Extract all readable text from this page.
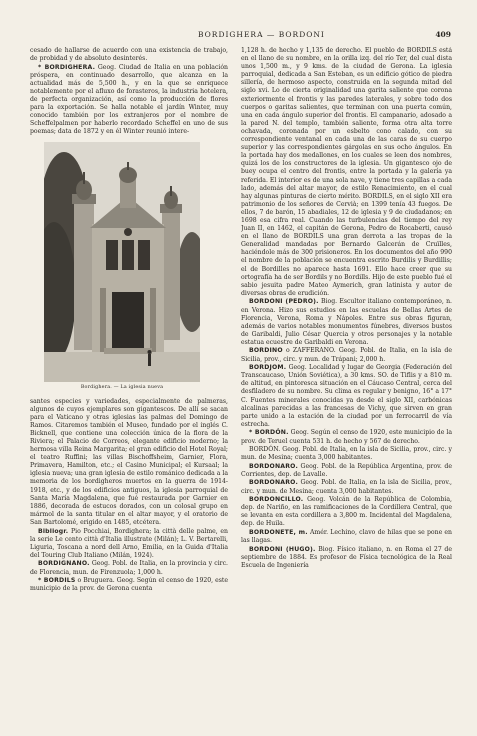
BORDIGHERA — BORDONI	409

cesado de hallarse de acuerdo con una existencia de trabajo, de probidad y de absoluto desinterés.

* BORDIGHERA. Geog. Ciudad de Italia en una población próspera, en continuado desarrollo, que alcanza en la actualidad más de 5,500 h., y en la que se enriquece notablemente por el afluxo de forasteros, la industria hotelera, de perfecta organización, así como la producción de flores para la exportación. Se halla notable el jardín Winter, muy conocido también por los extranjeros por el nombre de Scheffelpalmen por haberlo recordado Scheffel en uno de sus poemas; data de 1872 y en él Winter reunió intere-

Bordighera. — La iglesia nueva

santes especies y variedades, especialmente de palmeras, algunos de cuyos ejemplares son gigantescos. De allí se sacan para el Vaticano y otras iglesias las palmas del Domingo de Ramos. Citaremos también el Museo, fundado por el inglés C. Bicknell, que contiene una colección única de la flora de la Riviera; el Palacio de Correos, elegante edificio moderno; la hermosa villa Reina Margarita; el gran edificio del Hotel Royal; el teatro Ruffini; las villas Bischoffsheim, Garnier, Flora, Primavera, Hamilton, etc.; el Casino Municipal; el Kursaal; la iglesia nueva; una gran iglesia de estilo románico dedicada a la memoria de los bordigheros muertos en la guerra de 1914-1918, etc., y de los edificios antiguos, la iglesia parroquial de Santa María Magdalena, que fué restaurada por Garnier en 1886, decorada de estucos dorados, con un colosal grupo en mármol de la santa titular en el altar mayor, y el oratorio de San Bartolomé, erigido en 1485, etcétera.

Bibliogr. Pio Pocchiai, Bordighera; la città delle palme, en la serie Le cento città d'Italia illustrate (Milán); L. V. Bertarelli, Liguria, Toscana a nord dell Arno, Emilia, en la Guida d'Italia del Touring Club Italiano (Milán, 1924).

BORDIGNANO. Geog. Pobl. de Italia, en la provincia y circ. de Florencia, mun. de Firenzuola; 1,000 h.

* BORDILS o Bruguera. Geog. Según el censo de 1920, este municipio de la prov. de Gerona cuenta

1,128 h. de hecho y 1,135 de derecho. El pueblo de BORDILS está en el llano de su nombre, en la orilla izq. del río Ter, del cual dista unos 1,500 m., y 9 kms. de la ciudad de Gerona. La iglesia parroquial, dedicada a San Esteban, es un edificio gótico de piedra sillería, de hermoso aspecto, construida en la segunda mitad del siglo xvi. Lo de cierta originalidad una garita saliente que corona exteriormente el frontis y las paredes laterales, y sobre todo dos cuerpos o garitas salientes, que terminan con una puerta común, una en cada ángulo superior del frontis. El campanario, adosado a la pared N. del templo, también saliente, forma otra alta torre ochavada, coronada por un esbelto cono calado, con su correspondiente ventanal en cada una de las caras de su cuerpo superior y las correspondientes gárgolas en sus ocho ángulos. En la portada hay dos medallones, en los cuales se leen dos nombres, quizá los de los constructores de la iglesia. Un gigantesco ojo de buey ocupa el centro del frontis, entre la portada y la galería ya referida. El interior es de una sola nave, y tiene tres capillas a cada lado, además del altar mayor, de estilo Renacimiento, en el cual hay algunas pinturas de cierto mérito. BORDILS, en el siglo XII era patrimonio de los señores de Cervià; en 1399 tenía 43 fuegos. De ellos, 7 de barón, 15 abadiales, 12 de iglesia y 9 de ciudadanos; en 1698 esa cifra real. Cuando las turbulencias del tiempo del rey Juan II, en 1462, el capitán de Gerona, Pedro de Rocaberti, causó en el llano de BORDILS una gran derrota a las tropas de la Generalidad mandadas por Bernardo Galcerán de Cruïlles, haciéndole más de 300 prisioneros. En los documentos del año 990 el nombre de la población se encuentra escrito Burdilis y Burdillis; el de Bordilles no aparece hasta 1691. Ello hace creer que su ortografía ha de ser Bordils y no Bordills. Hijo de este pueblo fué el sabio jesuita padre Mateo Aymerich, gran latinista y autor de diversas obras de erudición.

BORDONI (PEDRO). Biog. Escultor italiano contemporáneo, n. en Verona. Hizo sus estudios en las escuelas de Bellas Artes de Florencia, Verona, Roma y Nápoles. Entre sus obras figuran, además de varios notables monumentos fúnebres, diversos bustos de Garibaldi, Julio César Quercia y otros personajes y la notable estatua ecuestre de Garibaldi en Verona.

BORDINO o ZAFFERANO. Geog. Pobl. de Italia, en la isla de Sicilia, prov., circ. y mun. de Trápani; 2,000 h.

BORDJOM. Geog. Localidad y lugar de Georgia (Federación del Transcaucaso, Unión Soviética), a 30 kms. SO. de Tiflis y a 810 m. de altitud, en pintoresca situación en el Cáucaso Central, cerca del desfiladero de su nombre. Su clima es regular y benigno, 16° a 17° C. Fuentes minerales conocidas ya desde el siglo XII, carbónicas alcalinas parecidas a las francesas de Vichy, que sirven en gran parte unido a la estación de la ciudad por un ferrocarril de vía estrecha.

* BORDÓN. Geog. Según el censo de 1920, este municipio de la prov. de Teruel cuenta 531 h. de hecho y 567 de derecho.

BORDÓN. Geog. Pobl. de Italia, en la isla de Sicilia, prov., circ. y mun. de Mesina; cuenta 3,000 habitantes.

BORDONARO. Geog. Pobl. de la República Argentina, prov. de Corrientes, dep. de Lavalle.

BORDONARO. Geog. Pobl. de Italia, en la isla de Sicilia, prov., circ. y mun. de Mesina; cuenta 3,000 habitantes.

BORDONCILLO. Geog. Volcán de la República de Colombia, dep. de Nariño, en las ramificaciones de la Cordillera Central, que se levanta en esta cordillera a 3,800 m. Incidental del Magdalena, dep. de Huila.

BORDONETE, m. Amér. Lechino, clavo de hilas que se pone en las llagas.

BORDONI (HUGO). Biog. Físico italiano, n. en Roma el 27 de septiembre de 1884. Es profesor de Física tecnológica de la Real Escuela de Ingeniería
